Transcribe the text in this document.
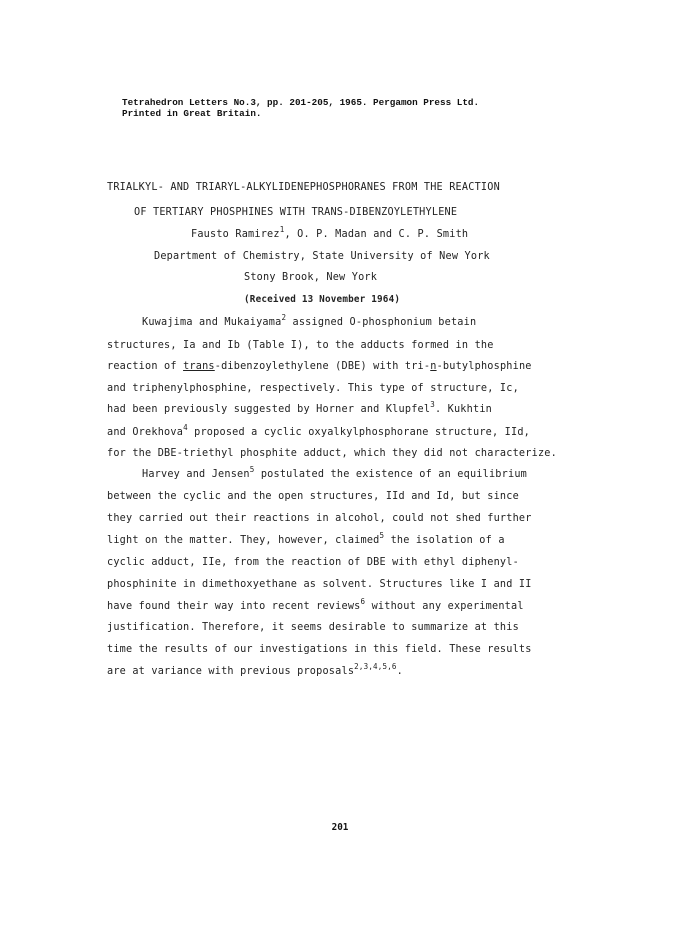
Tetrahedron Letters No.3, pp. 201-205, 1965. Pergamon Press Ltd.
Printed in Great Britain.
TRIALKYL- AND TRIARYL-ALKYLIDENEPHOSPHORANES FROM THE REACTION
OF TERTIARY PHOSPHINES WITH TRANS-DIBENZOYLETHYLENE
Fausto Ramirez$^1$, O. P. Madan and C. P. Smith
Department of Chemistry, State University of New York
Stony Brook, New York
(Received 13 November 1964)
Kuwajima and Mukaiyama$^2$ assigned O-phosphonium betain
structures, Ia and Ib (Table I), to the adducts formed in the
reaction of trans-dibenzoylethylene (DBE) with tri-n-butylphosphine
and triphenylphosphine, respectively. This type of structure, Ic,
had been previously suggested by Horner and Klupfel$^3$. Kukhtin
and Orekhova$^4$ proposed a cyclic oxyalkylphosphorane structure, IId,
for the DBE-triethyl phosphite adduct, which they did not characterize.
Harvey and Jensen$^5$ postulated the existence of an equilibrium
between the cyclic and the open structures, IId and Id, but since
they carried out their reactions in alcohol, could not shed further
light on the matter. They, however, claimed$^5$ the isolation of a
cyclic adduct, IIe, from the reaction of DBE with ethyl diphenyl-
phosphinite in dimethoxyethane as solvent. Structures like I and II
have found their way into recent reviews$^6$ without any experimental
justification. Therefore, it seems desirable to summarize at this
time the results of our investigations in this field. These results
are at variance with previous proposals$^{2,3,4,5,6}$.
201
